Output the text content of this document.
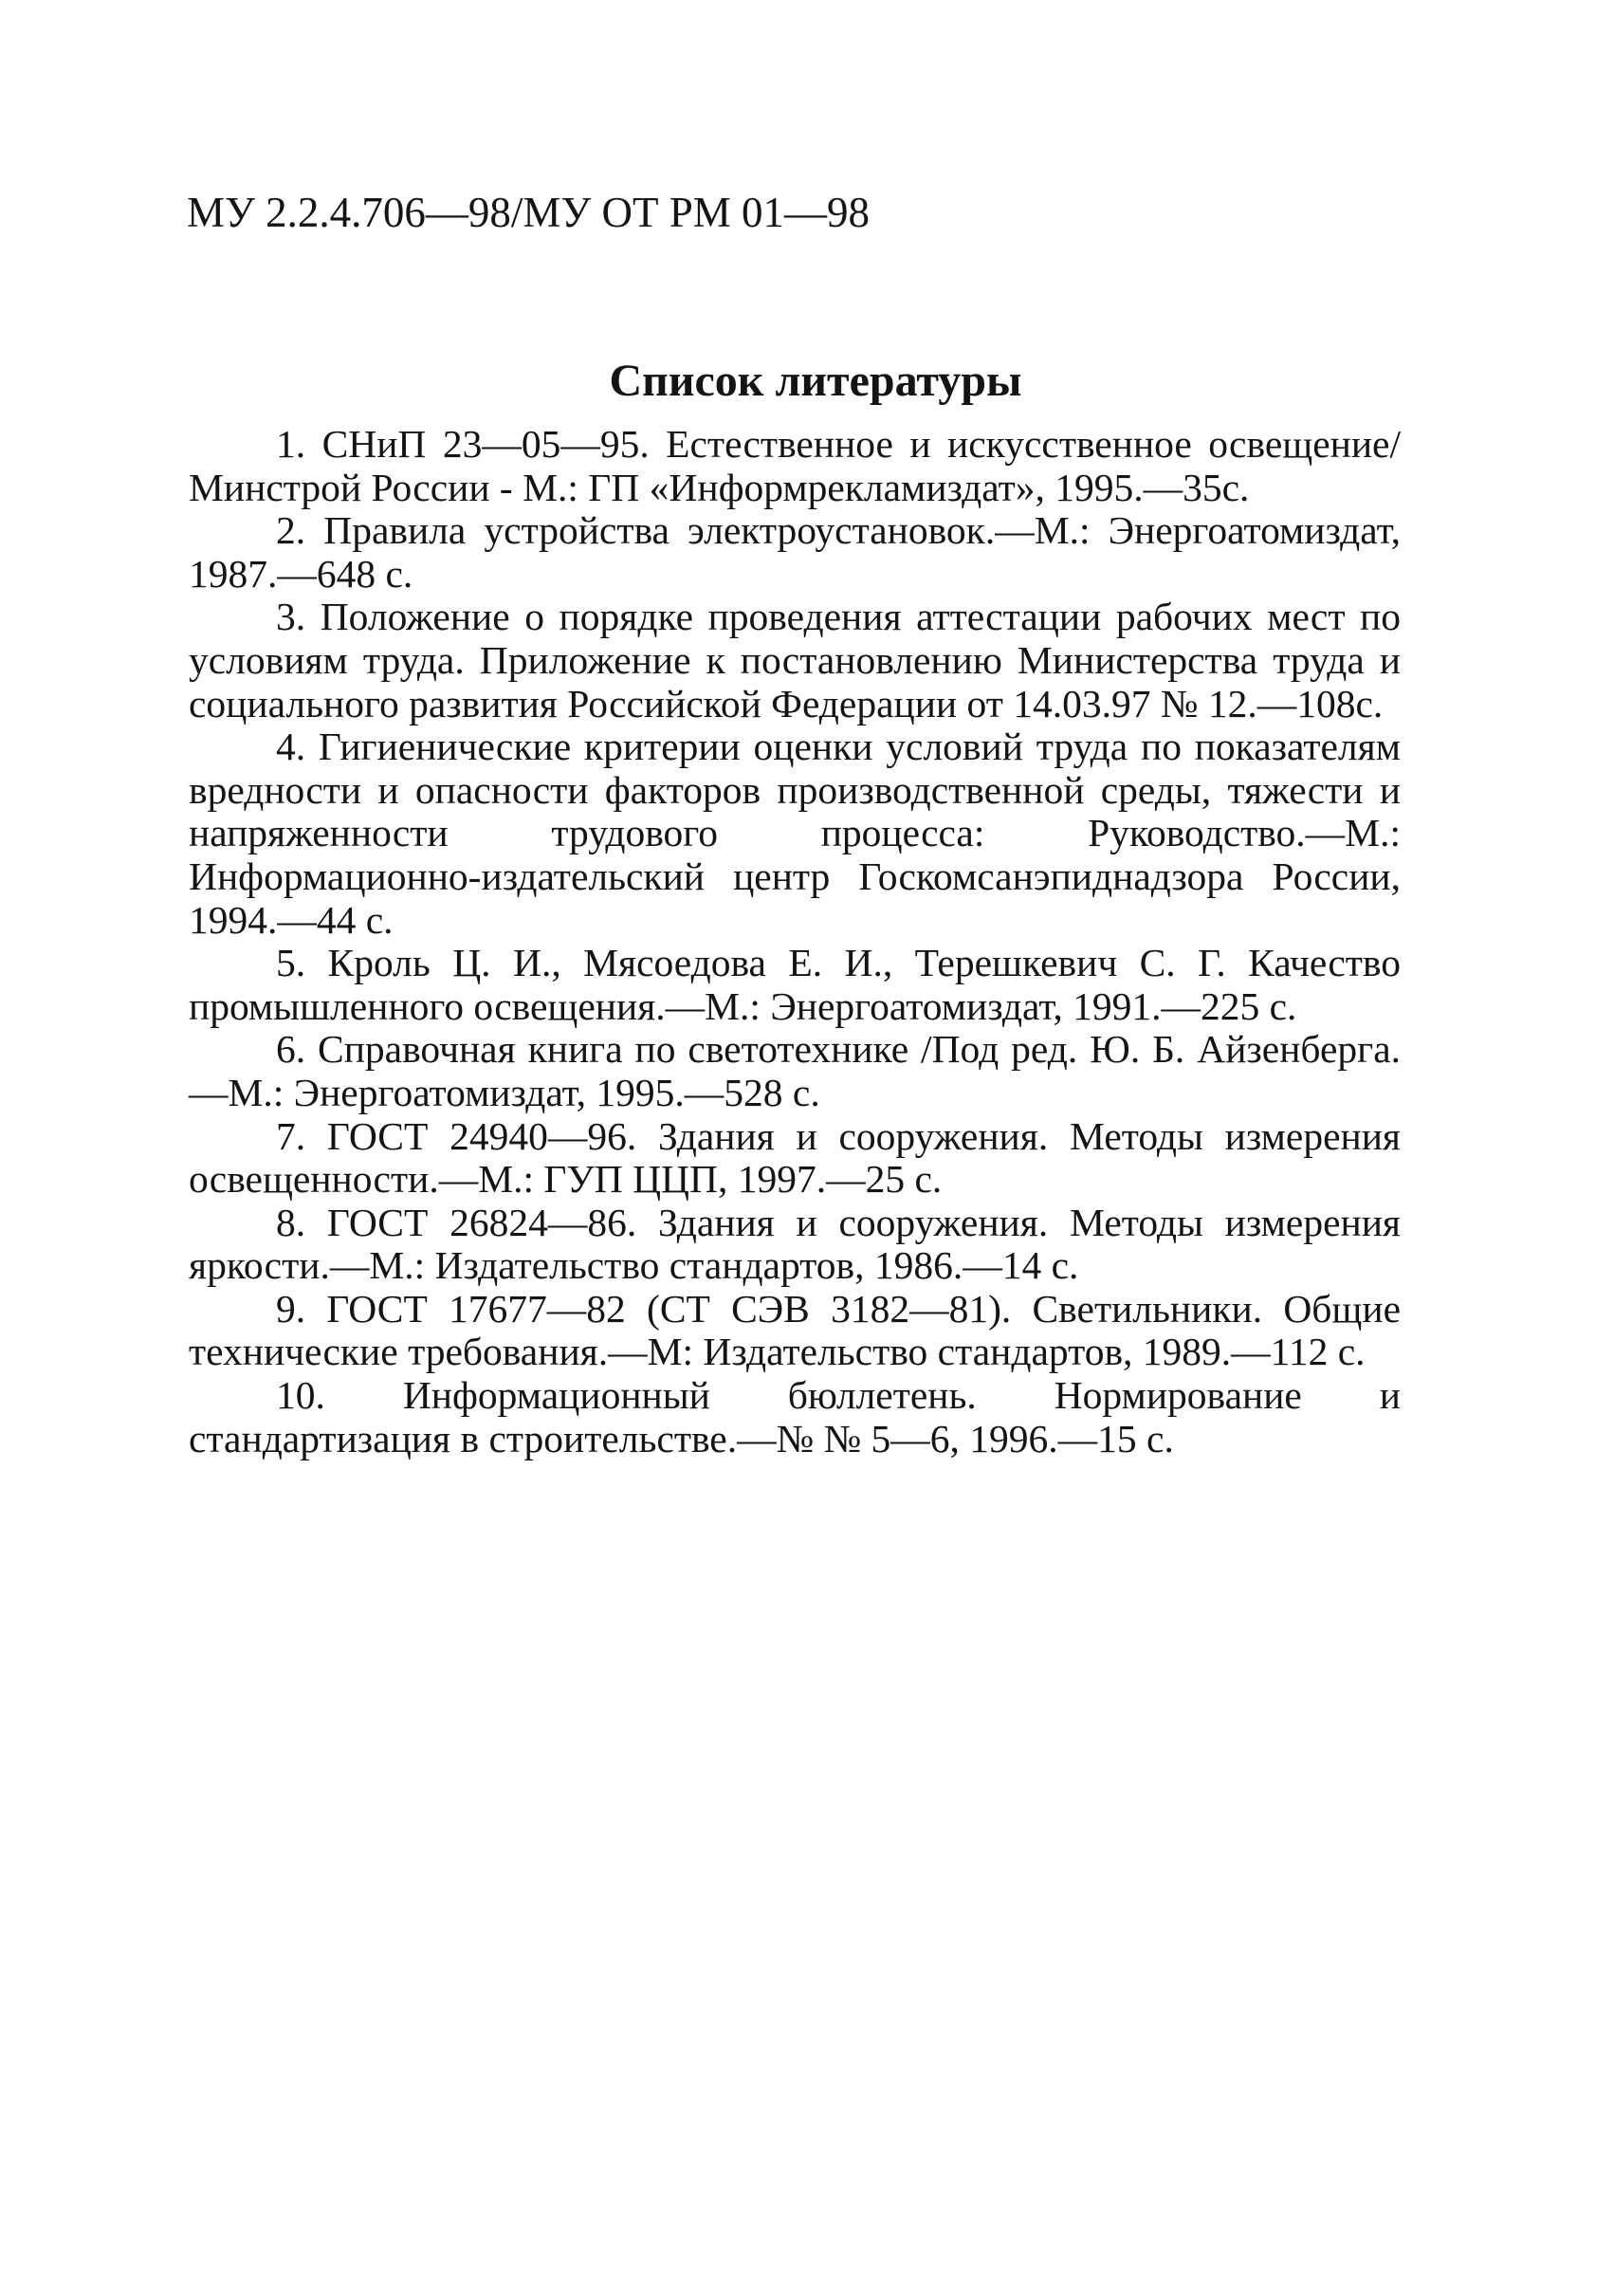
МУ 2.2.4.706—98/МУ ОТ РМ 01—98
Список литературы
1. СНиП 23—05—95. Естественное и искусственное освещение/ Минстрой России - М.: ГП «Информрекламиздат», 1995.—35с.
2. Правила устройства электроустановок.—М.: Энергоатомиздат, 1987.—648 с.
3. Положение о порядке проведения аттестации рабочих мест по условиям труда. Приложение к постановлению Министерства труда и социального развития Российской Федерации от 14.03.97 № 12.—108с.
4. Гигиенические критерии оценки условий труда по показателям вредности и опасности факторов производственной среды, тяжести и напряженности трудового процесса: Руководство.—М.: Информационно-издательский центр Госкомсанэпиднадзора России, 1994.—44 с.
5. Кроль Ц. И., Мясоедова Е. И., Терешкевич С. Г. Качество промышленного освещения.—М.: Энергоатомиздат, 1991.—225 с.
6. Справочная книга по светотехнике /Под ред. Ю. Б. Айзенберга.—М.: Энергоатомиздат, 1995.—528 с.
7. ГОСТ 24940—96. Здания и сооружения. Методы измерения освещенности.—М.: ГУП ЦЦП, 1997.—25 с.
8. ГОСТ 26824—86. Здания и сооружения. Методы измерения яркости.—М.: Издательство стандартов, 1986.—14 с.
9. ГОСТ 17677—82 (СТ СЭВ 3182—81). Светильники. Общие технические требования.—М: Издательство стандартов, 1989.—112 с.
10. Информационный бюллетень. Нормирование и стандартизация в строительстве.—№ № 5—6, 1996.—15 с.
